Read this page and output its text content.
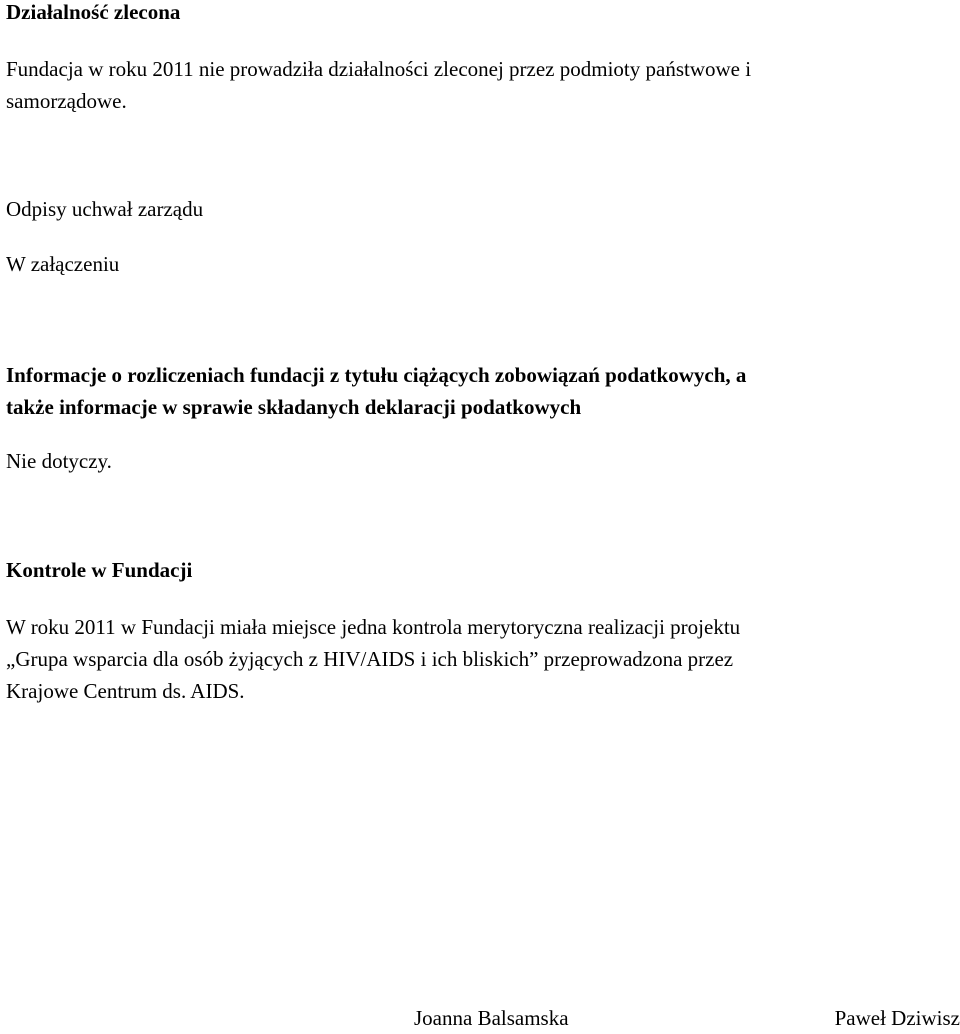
Działalność zlecona

Fundacja w roku 2011 nie prowadziła działalności zleconej przez podmioty państwowe i

samorządowe.

Odpisy uchwał zarządu

W załączeniu

Informacje o rozliczeniach fundacji z tytułu ciążących zobowiązań podatkowych, a

także informacje w sprawie składanych deklaracji podatkowych

Nie dotyczy.

Kontrole w Fundacji

W roku 2011 w Fundacji miała miejsce jedna kontrola merytoryczna realizacji projektu

„Grupa wsparcia dla osób żyjących z HIV/AIDS i ich bliskich” przeprowadzona przez

Krajowe Centrum ds. AIDS.

Joanna Balsamska	Paweł Dziwisz
